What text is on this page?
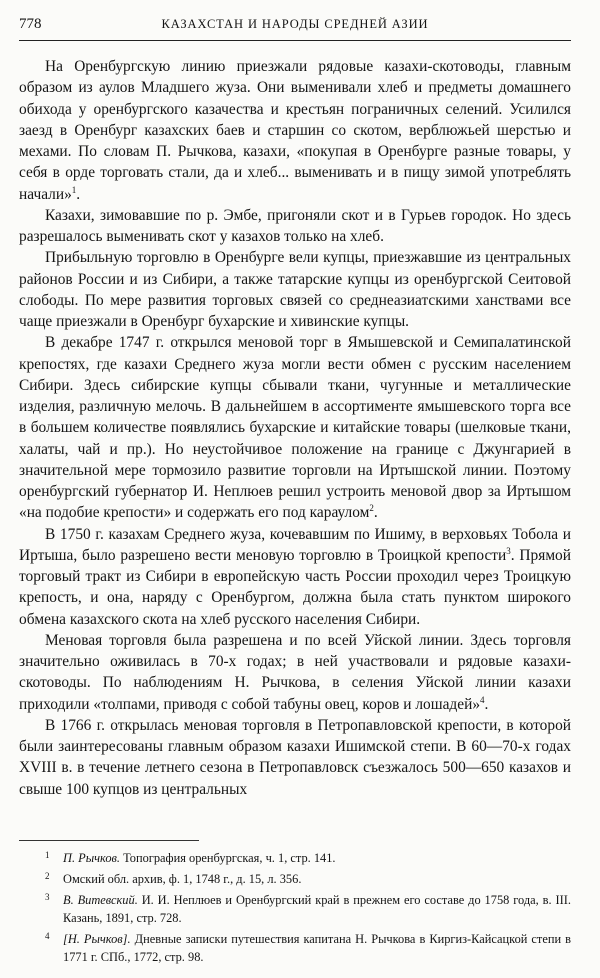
778	КАЗАХСТАН И НАРОДЫ СРЕДНЕЙ АЗИИ

На Оренбургскую линию приезжали рядовые казахи-скотоводы, главным образом из аулов Младшего жуза. Они выменивали хлеб и предметы домашнего обихода у оренбургского казачества и крестьян пограничных селений. Усилился заезд в Оренбург казахских баев и старшин со скотом, верблюжьей шерстью и мехами. По словам П. Рычкова, казахи, «покупая в Оренбурге разные товары, у себя в орде торговать стали, да и хлеб... выменивать и в пищу зимой употреблять начали»$^1$.

Казахи, зимовавшие по р. Эмбе, пригоняли скот и в Гурьев городок. Но здесь разрешалось выменивать скот у казахов только на хлеб.

Прибыльную торговлю в Оренбурге вели купцы, приезжавшие из центральных районов России и из Сибири, а также татарские купцы из оренбургской Сеитовой слободы. По мере развития торговых связей со среднеазиатскими ханствами все чаще приезжали в Оренбург бухарские и хивинские купцы.

В декабре 1747 г. открылся меновой торг в Ямышевской и Семипалатинской крепостях, где казахи Среднего жуза могли вести обмен с русским населением Сибири. Здесь сибирские купцы сбывали ткани, чугунные и металлические изделия, различную мелочь. В дальнейшем в ассортименте ямышевского торга все в большем количестве появлялись бухарские и китайские товары (шелковые ткани, халаты, чай и пр.). Но неустойчивое положение на границе с Джунгарией в значительной мере тормозило развитие торговли на Иртышской линии. Поэтому оренбургский губернатор И. Неплюев решил устроить меновой двор за Иртышом «на подобие крепости» и содержать его под караулом$^2$.

В 1750 г. казахам Среднего жуза, кочевавшим по Ишиму, в верховьях Тобола и Иртыша, было разрешено вести меновую торговлю в Троицкой крепости$^3$. Прямой торговый тракт из Сибири в европейскую часть России проходил через Троицкую крепость, и она, наряду с Оренбургом, должна была стать пунктом широкого обмена казахского скота на хлеб русского населения Сибири.

Меновая торговля была разрешена и по всей Уйской линии. Здесь торговля значительно оживилась в 70-х годах; в ней участвовали и рядовые казахи-скотоводы. По наблюдениям Н. Рычкова, в селения Уйской линии казахи приходили «толпами, приводя с собой табуны овец, коров и лошадей»$^4$.

В 1766 г. открылась меновая торговля в Петропавловской крепости, в которой были заинтересованы главным образом казахи Ишимской степи. В 60—70-х годах XVIII в. в течение летнего сезона в Петропавловск съезжалось 500—650 казахов и свыше 100 купцов из центральных

1 П. Рычков. Топография оренбургская, ч. 1, стр. 141.

2 Омский обл. архив, ф. 1, 1748 г., д. 15, л. 356.

3 В. Витевский. И. И. Неплюев и Оренбургский край в прежнем его составе до 1758 года, в. III. Казань, 1891, стр. 728.

4 [Н. Рычков]. Дневные записки путешествия капитана Н. Рычкова в Киргиз-Кайсацкой степи в 1771 г. СПб., 1772, стр. 98.
